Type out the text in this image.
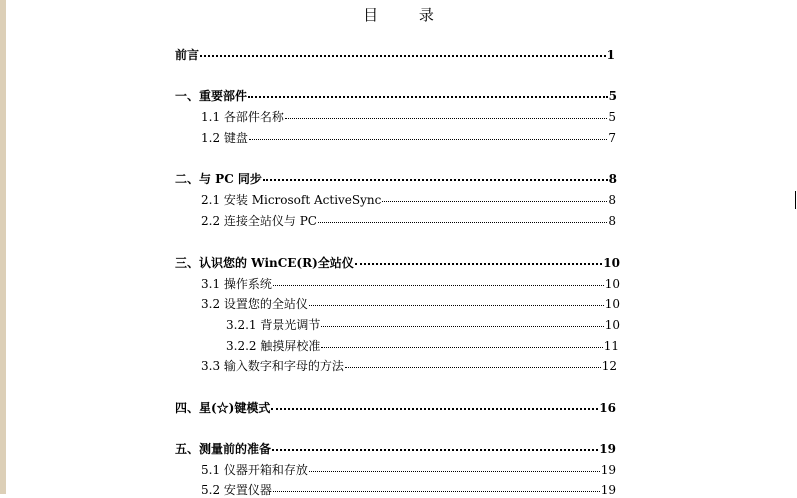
目 录
前言	1
一、重要部件	5
1.1 各部件名称	5
1.2 键盘	7
二、与 PC 同步	8
2.1 安装 Microsoft ActiveSync	8
2.2 连接全站仪与 PC	8
三、认识您的 WinCE(R)全站仪	10
3.1 操作系统	10
3.2 设置您的全站仪	10
3.2.1 背景光调节	10
3.2.2 触摸屏校准	11
3.3 输入数字和字母的方法	12
四、星(☆)键模式	16
五、测量前的准备	19
5.1 仪器开箱和存放	19
5.2 安置仪器	19
